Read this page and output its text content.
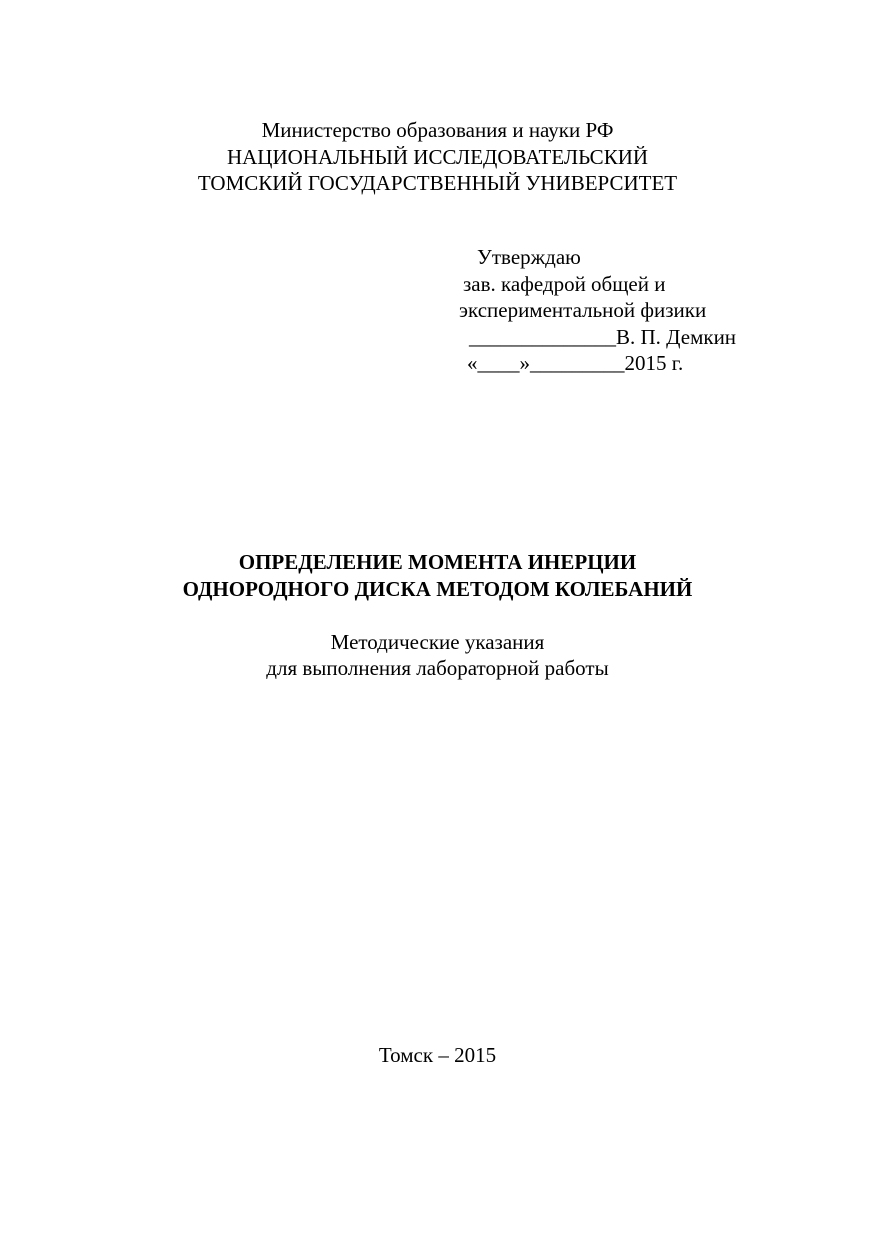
Министерство образования и науки РФ
НАЦИОНАЛЬНЫЙ ИССЛЕДОВАТЕЛЬСКИЙ
ТОМСКИЙ ГОСУДАРСТВЕННЫЙ УНИВЕРСИТЕТ
Утверждаю
зав. кафедрой общей и
экспериментальной физики
______________В. П. Демкин
«____»_________2015 г.
ОПРЕДЕЛЕНИЕ МОМЕНТА ИНЕРЦИИ
ОДНОРОДНОГО ДИСКА МЕТОДОМ КОЛЕБАНИЙ
Методические указания
для выполнения лабораторной работы
Томск – 2015
